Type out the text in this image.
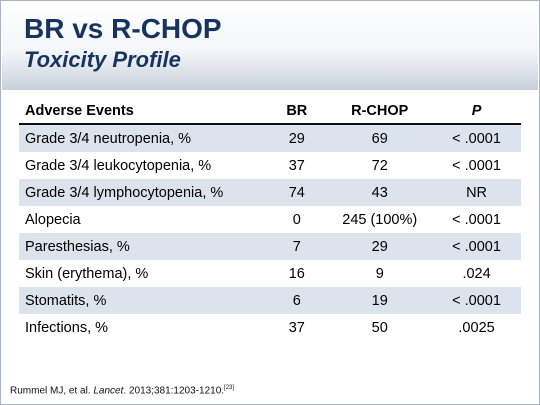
BR vs R-CHOP
Toxicity Profile
Adverse Events	BR	R-CHOP	P
Grade 3/4 neutropenia, %	29	69	< .0001
Grade 3/4 leukocytopenia, %	37	72	< .0001
Grade 3/4 lymphocytopenia, %	74	43	NR
Alopecia	0	245 (100%)	< .0001
Paresthesias, %	7	29	< .0001
Skin (erythema), %	16	9	.024
Stomatits, %	6	19	< .0001
Infections, %	37	50	.0025
Rummel MJ, et al. Lancet. 2013;381:1203-1210.[23]
